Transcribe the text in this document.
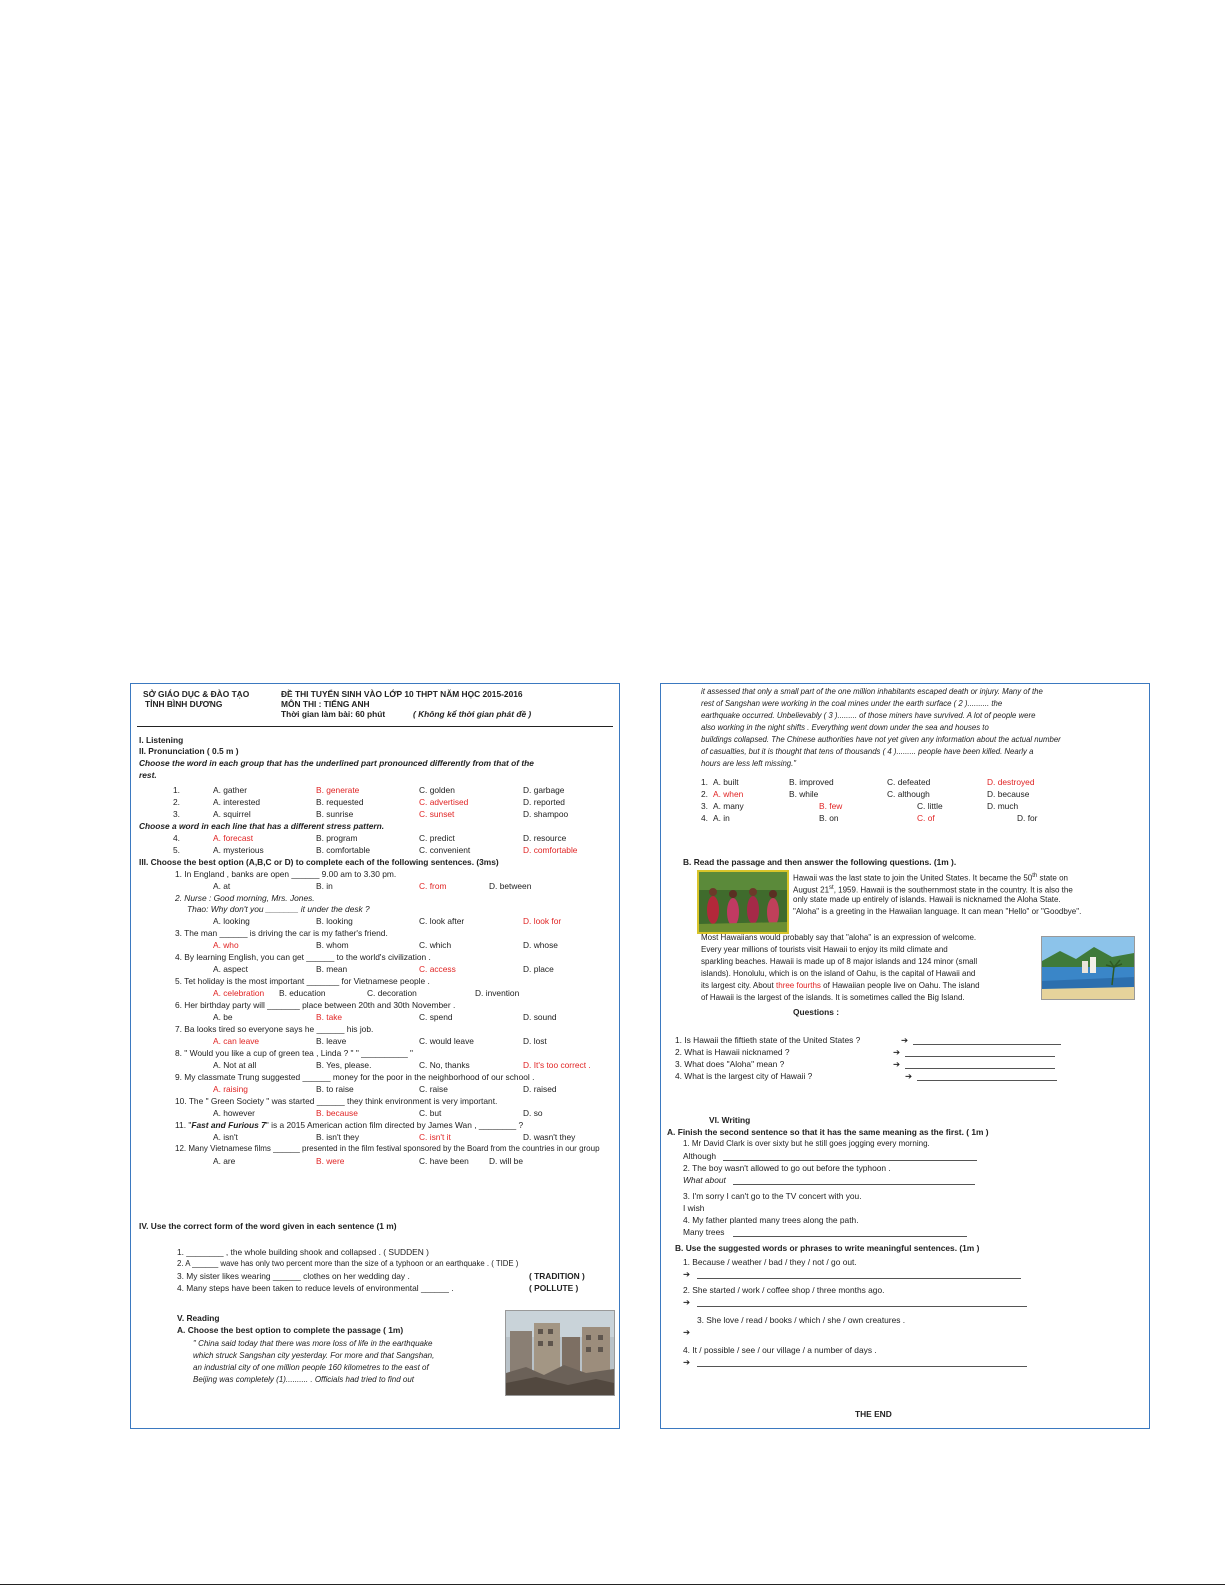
SỞ GIÁO DỤC & ĐÀO TẠO
TỈNH BÌNH DƯƠNG
ĐỀ THI TUYỂN SINH VÀO LỚP 10 THPT NĂM HỌC 2015-2016
MÔN THI : TIẾNG ANH
Thời gian làm bài: 60 phút	( Không kể thời gian phát đề )
I. Listening
II. Pronunciation ( 0.5 m )
Choose the word in each group that has the underlined part pronounced differently from that of the
rest.
1.	A. gather	B. generate	C. golden	D. garbage
2.	A. interested	B. requested	C. advertised	D. reported
3.	A. squirrel	B. sunrise	C. sunset	D. shampoo
Choose a word in each line that has a different stress pattern.
4.	A. forecast	B. program	C. predict	D. resource
5.	A. mysterious	B. comfortable	C. convenient	D. comfortable
III. Choose the best option (A,B,C or D) to complete each of the following sentences. (3ms)
1. In England , banks are open ______ 9.00 am to 3.30 pm.
A. at	B. in	C. from	D. between
2. Nurse : Good morning, Mrs. Jones.
Thao: Why don't you _______ it under the desk ?
A. looking	B. looking	C. look after	D. look for
3. The man ______ is driving the car is my father's friend.
A. who	B. whom	C. which	D. whose
4. By learning English, you can get ______ to the world's civilization .
A. aspect	B. mean	C. access	D. place
5. Tet holiday is the most important _______ for Vietnamese people .
A. celebration B. education	C. decoration	D. invention
6. Her birthday party will _______ place between 20th and 30th November .
A. be	B. take	C. spend	D. sound
7. Ba looks tired so everyone says he ______ his job.
A. can leave	B. leave	C. would leave	D. lost
8. " Would you like a cup of green tea , Linda ? " " __________ "
A. Not at all	B. Yes, please.	C. No, thanks	D. It's too correct .
9. My classmate Trung suggested ______ money for the poor in the neighborhood of our school .
A. raising	B. to raise	C. raise	D. raised
10. The " Green Society " was started ______ they think environment is very important.
A. however	B. because	C. but	D. so
11. "Fast and Furious 7" is a 2015 American action film directed by James Wan , ________ ?
A. isn't	B. isn't they	C. isn't it	D. wasn't they
12. Many Vietnamese films ______ presented in the film festival sponsored by the Board from the countries in our group
A. are	B. were	C. have been D. will be
IV. Use the correct form of the word given in each sentence (1 m)
1. ________ , the whole building shook and collapsed . ( SUDDEN )
2. A ______ wave has only two percent more than the size of a typhoon or an earthquake . ( TIDE )
3. My sister likes wearing ______ clothes on her wedding day .	( TRADITION )
4. Many steps have been taken to reduce levels of environmental ______ .	( POLLUTE )
V. Reading
A. Choose the best option to complete the passage ( 1m)
" China said today that there was more loss of life in the earthquake
which struck Sangshan city yesterday. For more and that Sangshan,
an industrial city of one million people 160 kilometres to the east of
Beijing was completely (1).......... . Officials had tried to find out
it assessed that only a small part of the one million inhabitants escaped death or injury. Many of the
rest of Sangshan were working in the coal mines under the earth surface ( 2 ).......... the
earthquake occurred. Unbelievably ( 3 )......... of those miners have survived. A lot of people were
also working in the night shifts . Everything went down under the sea and houses to
buildings collapsed. The Chinese authorities have not yet given any information about the actual number
of casualties, but it is thought that tens of thousands ( 4 )......... people have been killed. Nearly a
hours are less left missing."
1. A. built	B. improved	C. defeated	D. destroyed
2. A. when	B. while	C. although	D. because
3. A. many	B. few	C. little	D. much
4. A. in	B. on	C. of	D. for
B. Read the passage and then answer the following questions. (1m ).
Hawaii was the last state to join the United States. It became the 50th state on
August 21st, 1959. Hawaii is the southernmost state in the country. It is also the
only state made up entirely of islands. Hawaii is nicknamed the Aloha State.
"Aloha" is a greeting in the Hawaiian language. It can mean "Hello" or "Goodbye".
Most Hawaiians would probably say that "aloha" is an expression of welcome.
Every year millions of tourists visit Hawaii to enjoy its mild climate and
sparkling beaches. Hawaii is made up of 8 major islands and 124 minor (small
islands). Honolulu, which is on the island of Oahu, is the capital of Hawaii and
its largest city. About three fourths of Hawaiian people live on Oahu. The island
of Hawaii is the largest of the islands. It is sometimes called the Big Island.
Questions :
1. Is Hawaii the fiftieth state of the United States ?	➔
2. What is Hawaii nicknamed ?	➔
3. What does "Aloha" mean ?	➔
4. What is the largest city of Hawaii ?	➔
VI. Writing
A. Finish the second sentence so that it has the same meaning as the first. ( 1m )
1. Mr David Clark is over sixty but he still goes jogging every morning.
Although
2. The boy wasn't allowed to go out before the typhoon .
What about
3. I'm sorry I can't go to the TV concert with you.
I wish
4. My father planted many trees along the path.
Many trees
B. Use the suggested words or phrases to write meaningful sentences. (1m )
1. Because / weather / bad / they / not / go out.
➔
2. She started / work / coffee shop / three months ago.
➔
3. She love / read / books / which / she / own creatures .
➔
4. It / possible / see / our village / a number of days .
➔
THE END
